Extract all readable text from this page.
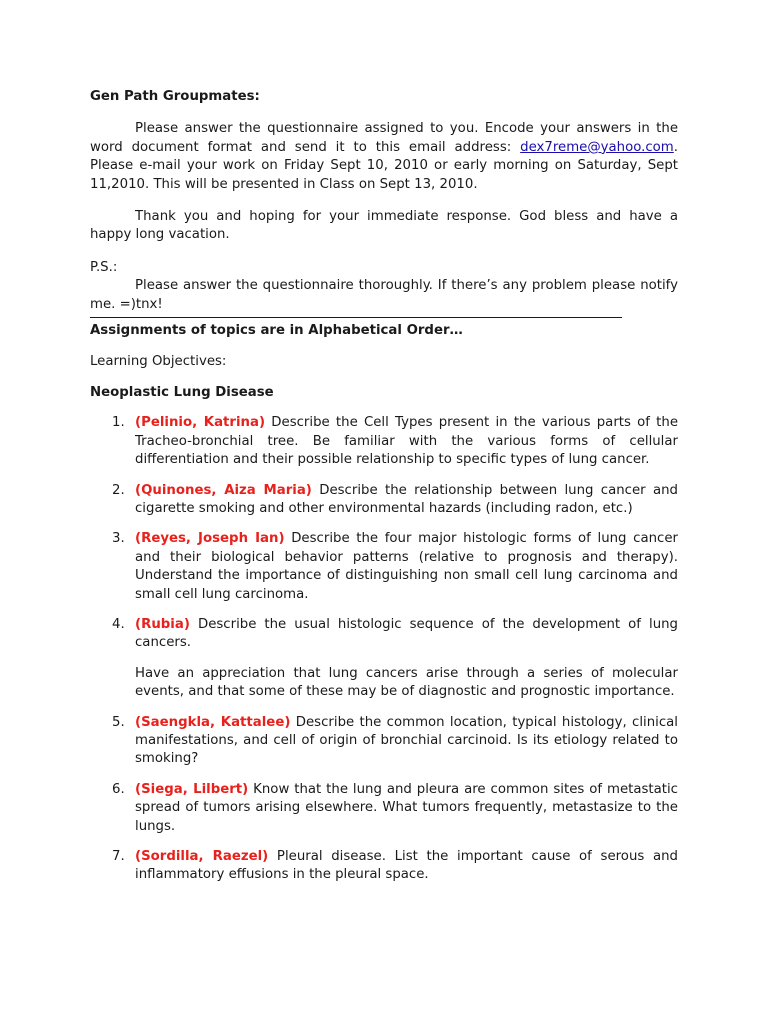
Gen Path Groupmates:

Please answer the questionnaire assigned to you. Encode your answers in the word document format and send it to this email address: dex7reme@yahoo.com. Please e-mail your work on Friday Sept 10, 2010 or early morning on Saturday, Sept 11,2010. This will be presented in Class on Sept 13, 2010.

Thank you and hoping for your immediate response. God bless and have a happy long vacation.

P.S.:

Please answer the questionnaire thoroughly. If there’s any problem please notify me. =)tnx!

Assignments of topics are in Alphabetical Order…

Learning Objectives:

Neoplastic Lung Disease

1. (Pelinio, Katrina) Describe the Cell Types present in the various parts of the Tracheo-bronchial tree. Be familiar with the various forms of cellular differentiation and their possible relationship to specific types of lung cancer.
2. (Quinones, Aiza Maria) Describe the relationship between lung cancer and cigarette smoking and other environmental hazards (including radon, etc.)
3. (Reyes, Joseph Ian) Describe the four major histologic forms of lung cancer and their biological behavior patterns (relative to prognosis and therapy). Understand the importance of distinguishing non small cell lung carcinoma and small cell lung carcinoma.
4. (Rubia) Describe the usual histologic sequence of the development of lung cancers.

Have an appreciation that lung cancers arise through a series of molecular events, and that some of these may be of diagnostic and prognostic importance.

5. (Saengkla, Kattalee) Describe the common location, typical histology, clinical manifestations, and cell of origin of bronchial carcinoid. Is its etiology related to smoking?
6. (Siega, Lilbert) Know that the lung and pleura are common sites of metastatic spread of tumors arising elsewhere. What tumors frequently, metastasize to the lungs.
7. (Sordilla, Raezel) Pleural disease. List the important cause of serous and inflammatory effusions in the pleural space.
